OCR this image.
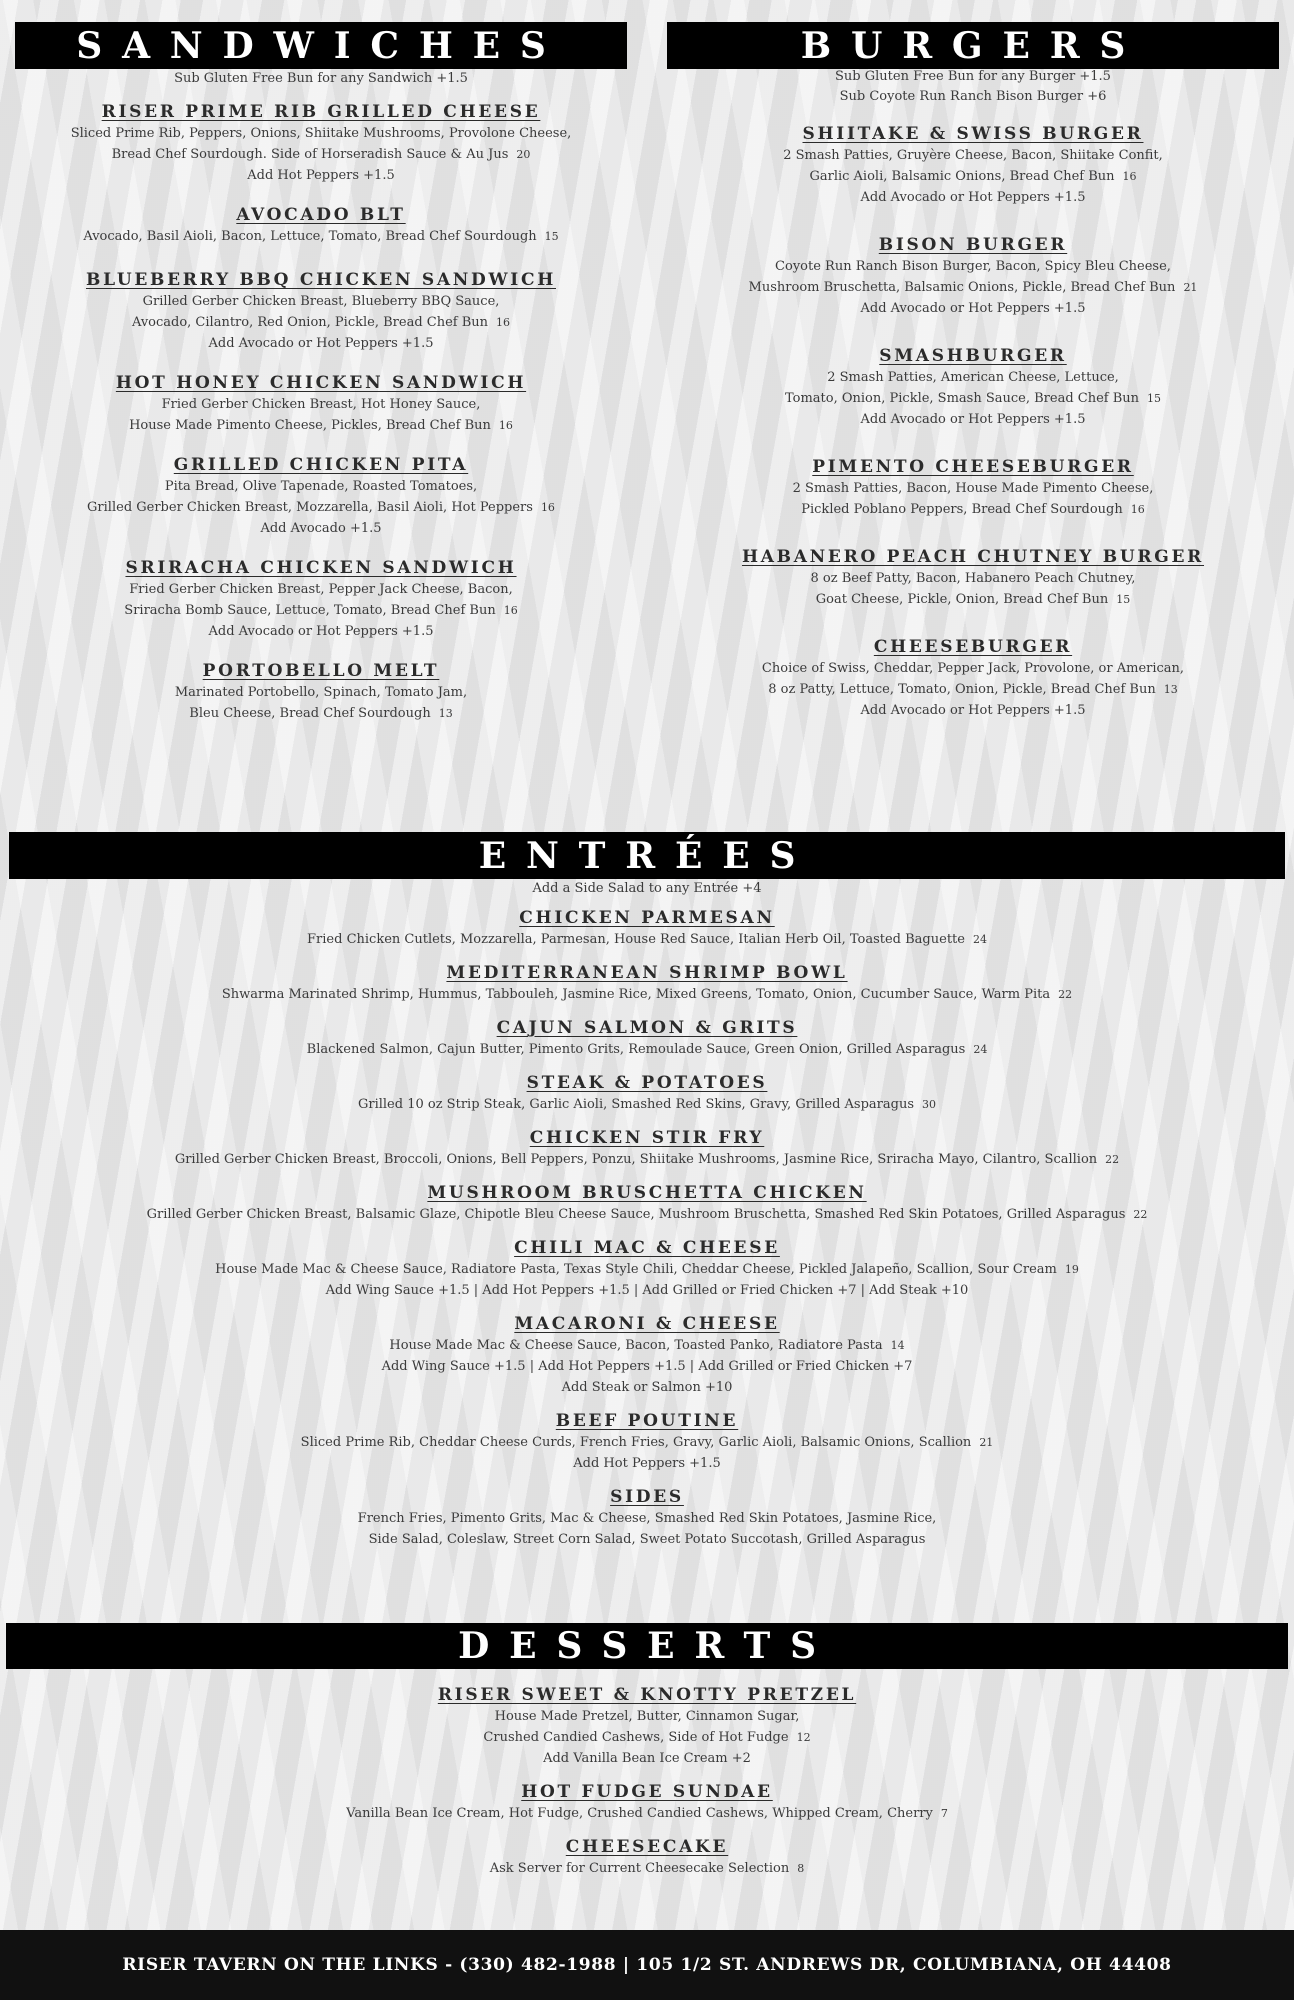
SANDWICHES
Sub Gluten Free Bun for any Sandwich +1.5
RISER PRIME RIB GRILLED CHEESE
Sliced Prime Rib, Peppers, Onions, Shiitake Mushrooms, Provolone Cheese,
Bread Chef Sourdough. Side of Horseradish Sauce & Au Jus 20
Add Hot Peppers +1.5
AVOCADO BLT
Avocado, Basil Aioli, Bacon, Lettuce, Tomato, Bread Chef Sourdough 15
BLUEBERRY BBQ CHICKEN SANDWICH
Grilled Gerber Chicken Breast, Blueberry BBQ Sauce,
Avocado, Cilantro, Red Onion, Pickle, Bread Chef Bun 16
Add Avocado or Hot Peppers +1.5
HOT HONEY CHICKEN SANDWICH
Fried Gerber Chicken Breast, Hot Honey Sauce,
House Made Pimento Cheese, Pickles, Bread Chef Bun 16
GRILLED CHICKEN PITA
Pita Bread, Olive Tapenade, Roasted Tomatoes,
Grilled Gerber Chicken Breast, Mozzarella, Basil Aioli, Hot Peppers 16
Add Avocado +1.5
SRIRACHA CHICKEN SANDWICH
Fried Gerber Chicken Breast, Pepper Jack Cheese, Bacon,
Sriracha Bomb Sauce, Lettuce, Tomato, Bread Chef Bun 16
Add Avocado or Hot Peppers +1.5
PORTOBELLO MELT
Marinated Portobello, Spinach, Tomato Jam,
Bleu Cheese, Bread Chef Sourdough 13
BURGERS
Sub Gluten Free Bun for any Burger +1.5
Sub Coyote Run Ranch Bison Burger +6
SHIITAKE & SWISS BURGER
2 Smash Patties, Gruyère Cheese, Bacon, Shiitake Confit,
Garlic Aioli, Balsamic Onions, Bread Chef Bun 16
Add Avocado or Hot Peppers +1.5
BISON BURGER
Coyote Run Ranch Bison Burger, Bacon, Spicy Bleu Cheese,
Mushroom Bruschetta, Balsamic Onions, Pickle, Bread Chef Bun 21
Add Avocado or Hot Peppers +1.5
SMASHBURGER
2 Smash Patties, American Cheese, Lettuce,
Tomato, Onion, Pickle, Smash Sauce, Bread Chef Bun 15
Add Avocado or Hot Peppers +1.5
PIMENTO CHEESEBURGER
2 Smash Patties, Bacon, House Made Pimento Cheese,
Pickled Poblano Peppers, Bread Chef Sourdough 16
HABANERO PEACH CHUTNEY BURGER
8 oz Beef Patty, Bacon, Habanero Peach Chutney,
Goat Cheese, Pickle, Onion, Bread Chef Bun 15
CHEESEBURGER
Choice of Swiss, Cheddar, Pepper Jack, Provolone, or American,
8 oz Patty, Lettuce, Tomato, Onion, Pickle, Bread Chef Bun 13
Add Avocado or Hot Peppers +1.5
ENTRÉES
Add a Side Salad to any Entrée +4
CHICKEN PARMESAN
Fried Chicken Cutlets, Mozzarella, Parmesan, House Red Sauce, Italian Herb Oil, Toasted Baguette 24
MEDITERRANEAN SHRIMP BOWL
Shwarma Marinated Shrimp, Hummus, Tabbouleh, Jasmine Rice, Mixed Greens, Tomato, Onion, Cucumber Sauce, Warm Pita 22
CAJUN SALMON & GRITS
Blackened Salmon, Cajun Butter, Pimento Grits, Remoulade Sauce, Green Onion, Grilled Asparagus 24
STEAK & POTATOES
Grilled 10 oz Strip Steak, Garlic Aioli, Smashed Red Skins, Gravy, Grilled Asparagus 30
CHICKEN STIR FRY
Grilled Gerber Chicken Breast, Broccoli, Onions, Bell Peppers, Ponzu, Shiitake Mushrooms, Jasmine Rice, Sriracha Mayo, Cilantro, Scallion 22
MUSHROOM BRUSCHETTA CHICKEN
Grilled Gerber Chicken Breast, Balsamic Glaze, Chipotle Bleu Cheese Sauce, Mushroom Bruschetta, Smashed Red Skin Potatoes, Grilled Asparagus 22
CHILI MAC & CHEESE
House Made Mac & Cheese Sauce, Radiatore Pasta, Texas Style Chili, Cheddar Cheese, Pickled Jalapeño, Scallion, Sour Cream 19
Add Wing Sauce +1.5 | Add Hot Peppers +1.5 | Add Grilled or Fried Chicken +7 | Add Steak +10
MACARONI & CHEESE
House Made Mac & Cheese Sauce, Bacon, Toasted Panko, Radiatore Pasta 14
Add Wing Sauce +1.5 | Add Hot Peppers +1.5 | Add Grilled or Fried Chicken +7
Add Steak or Salmon +10
BEEF POUTINE
Sliced Prime Rib, Cheddar Cheese Curds, French Fries, Gravy, Garlic Aioli, Balsamic Onions, Scallion 21
Add Hot Peppers +1.5
SIDES
French Fries, Pimento Grits, Mac & Cheese, Smashed Red Skin Potatoes, Jasmine Rice,
Side Salad, Coleslaw, Street Corn Salad, Sweet Potato Succotash, Grilled Asparagus
DESSERTS
RISER SWEET & KNOTTY PRETZEL
House Made Pretzel, Butter, Cinnamon Sugar,
Crushed Candied Cashews, Side of Hot Fudge 12
Add Vanilla Bean Ice Cream +2
HOT FUDGE SUNDAE
Vanilla Bean Ice Cream, Hot Fudge, Crushed Candied Cashews, Whipped Cream, Cherry 7
CHEESECAKE
Ask Server for Current Cheesecake Selection 8
RISER TAVERN ON THE LINKS - (330) 482-1988 | 105 1/2 ST. ANDREWS DR, COLUMBIANA, OH 44408
